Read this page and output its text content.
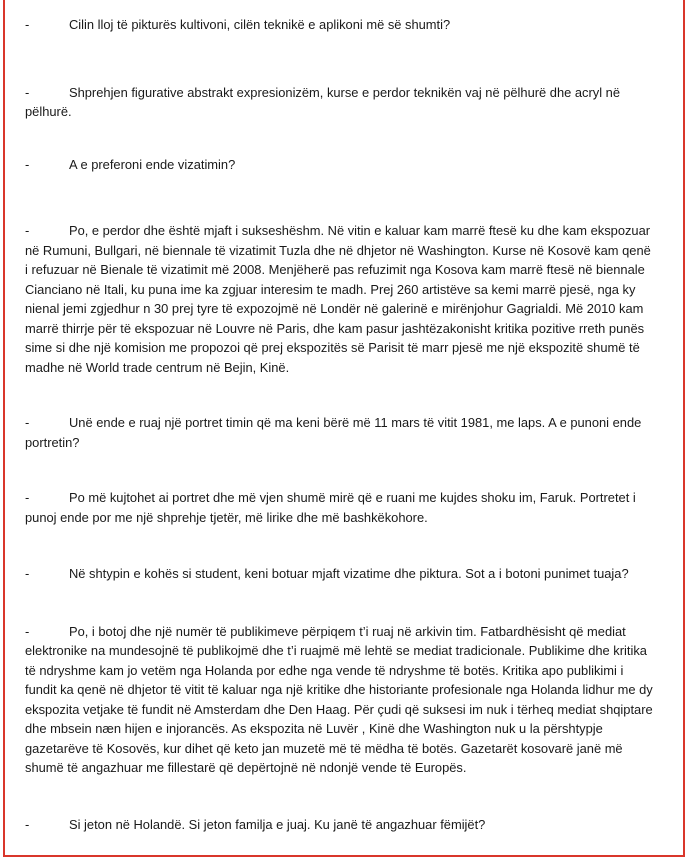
-	Cilin lloj të pikturës kultivoni, cilën teknikë e aplikoni më së shumti?

-	Shprehjen figurative abstrakt expresionizëm, kurse e perdor teknikën vaj në pëlhurë dhe acryl në pëlhurë.

-	A e preferoni ende vizatimin?

-	Po, e perdor dhe është mjaft i sukseshëshm. Në vitin e kaluar kam marrë ftesë ku dhe kam ekspozuar në Rumuni, Bullgari, në biennale të vizatimit Tuzla dhe në dhjetor në Washington. Kurse në Kosovë kam qenë i refuzuar në Bienale të vizatimit më 2008. Menjëherë pas refuzimit nga Kosova kam marrë ftesë në biennale Cianciano në Itali, ku puna ime ka zgjuar interesim te madh. Prej 260 artistëve sa kemi marrë pjesë, nga ky nienal jemi zgjedhur n 30 prej tyre të expozojmë në Londër në galerinë e mirënjohur Gagrialdi. Më 2010 kam marrë thirrje për të ekspozuar në Louvre në Paris, dhe kam pasur jashtëzakonisht kritika pozitive rreth punës sime si dhe një komision me propozoi që prej ekspozitës së Parisit të marr pjesë me një ekspozitë shumë të madhe në World trade centrum në Bejin, Kinë.

-	Unë ende e ruaj një portret timin që ma keni bërë më 11 mars të vitit 1981, me laps. A e punoni ende portretin?

-	Po më kujtohet ai portret dhe më vjen shumë mirë që e ruani me kujdes shoku im, Faruk. Portretet i punoj ende por me një shprehje tjetër, më lirike dhe më bashkëkohore.

-	Në shtypin e kohës si student, keni botuar mjaft vizatime dhe piktura. Sot a i botoni punimet tuaja?

-	Po, i botoj dhe një numër të publikimeve përpiqem t’i ruaj në arkivin tim. Fatbardhësisht që mediat elektronike na mundesojnë të publikojmë dhe t’i ruajmë më lehtë se mediat tradicionale. Publikime dhe kritika të ndryshme kam jo vetëm nga Holanda por edhe nga vende të ndryshme të botës. Kritika apo publikimi i fundit ka qenë në dhjetor të vitit të kaluar nga një kritike dhe historiante profesionale nga Holanda lidhur me dy ekspozita vetjake të fundit në Amsterdam dhe Den Haag. Për çudi që suksesi im nuk i tërheq mediat shqiptare dhe mbsein næn hijen e injorancës. As ekspozita në Luvër , Kinë dhe Washington nuk u la përshtypje gazetarëve të Kosovës, kur dihet që keto jan muzetë më të mëdha të botës. Gazetarët kosovarë janë më shumë të angazhuar me fillestarë që depërtojnë në ndonjë vende të Europës.

-	Si jeton në Holandë. Si jeton familja e juaj. Ku janë të angazhuar fëmijët?
